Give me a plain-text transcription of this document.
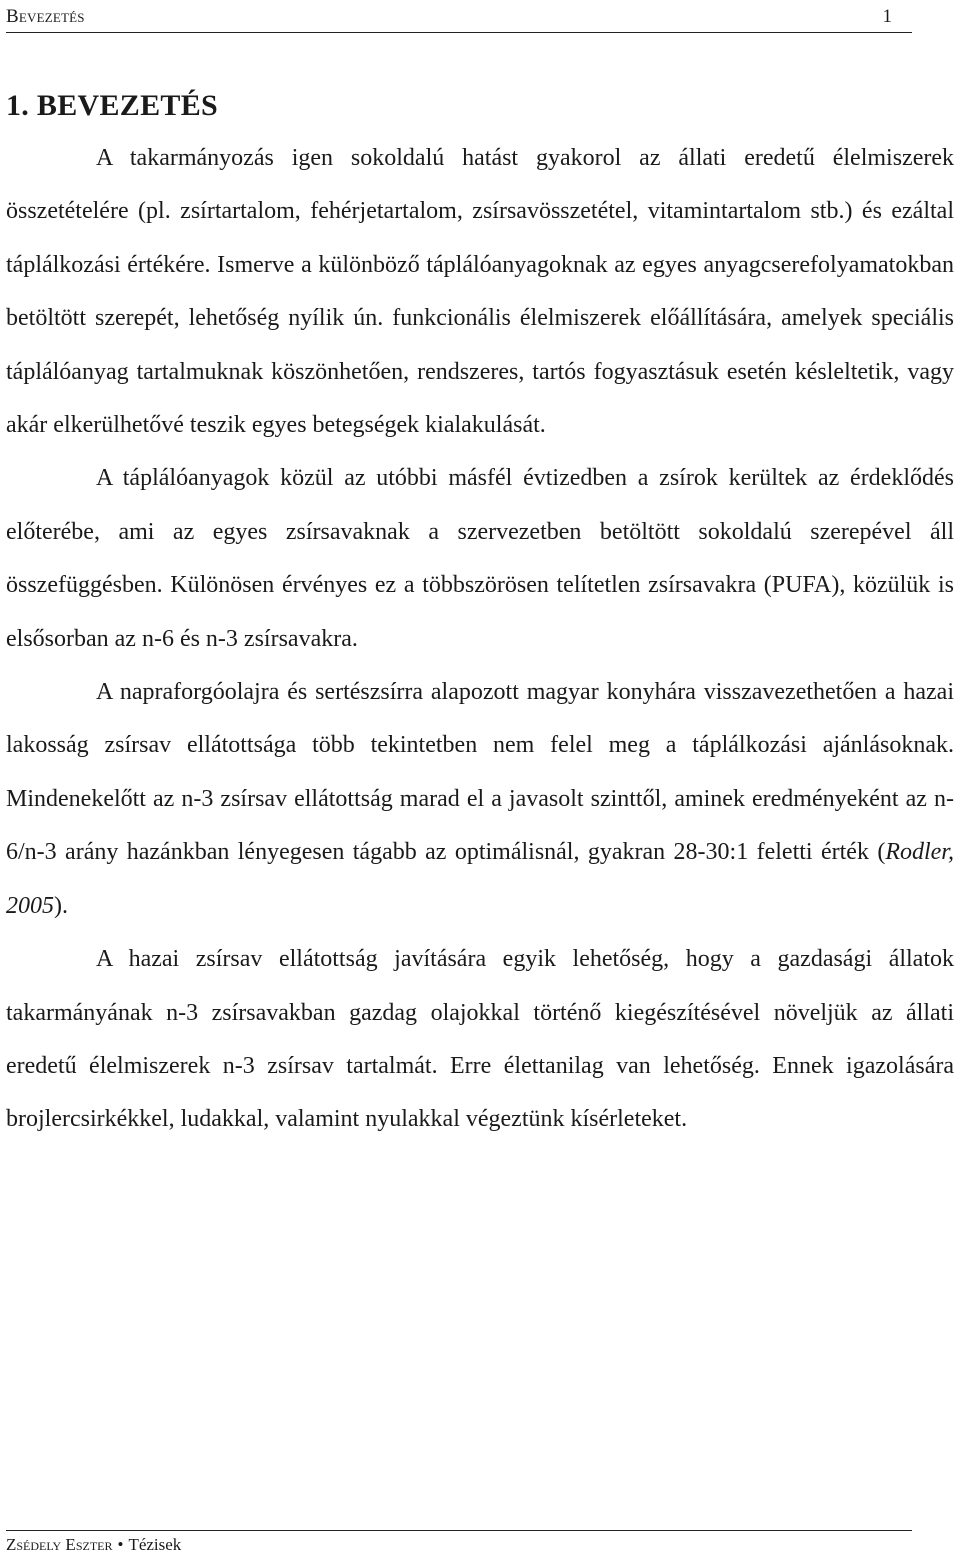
Bevezetés	1
1. BEVEZETÉS

A takarmányozás igen sokoldalú hatást gyakorol az állati eredetű élelmiszerek összetételére (pl. zsírtartalom, fehérjetartalom, zsírsavösszetétel, vitamintartalom stb.) és ezáltal táplálkozási értékére. Ismerve a különböző táplálóanyagoknak az egyes anyagcserefolyamatokban betöltött szerepét, lehetőség nyílik ún. funkcionális élelmiszerek előállítására, amelyek speciális táplálóanyag tartalmuknak köszönhetően, rendszeres, tartós fogyasztásuk esetén késleltetik, vagy akár elkerülhetővé teszik egyes betegségek kialakulását.

A táplálóanyagok közül az utóbbi másfél évtizedben a zsírok kerültek az érdeklődés előterébe, ami az egyes zsírsavaknak a szervezetben betöltött sokoldalú szerepével áll összefüggésben. Különösen érvényes ez a többszörösen telítetlen zsírsavakra (PUFA), közülük is elsősorban az n-6 és n-3 zsírsavakra.

A napraforgóolajra és sertészsírra alapozott magyar konyhára visszavezethetően a hazai lakosság zsírsav ellátottsága több tekintetben nem felel meg a táplálkozási ajánlásoknak. Mindenekelőtt az n-3 zsírsav ellátottság marad el a javasolt szinttől, aminek eredményeként az n-6/n-3 arány hazánkban lényegesen tágabb az optimálisnál, gyakran 28-30:1 feletti érték (Rodler, 2005).

A hazai zsírsav ellátottság javítására egyik lehetőség, hogy a gazdasági állatok takarmányának n-3 zsírsavakban gazdag olajokkal történő kiegészítésével növeljük az állati eredetű élelmiszerek n-3 zsírsav tartalmát. Erre élettanilag van lehetőség. Ennek igazolására brojlercsirkékkel, ludakkal, valamint nyulakkal végeztünk kísérleteket.

Zsédely Eszter • Tézisek
